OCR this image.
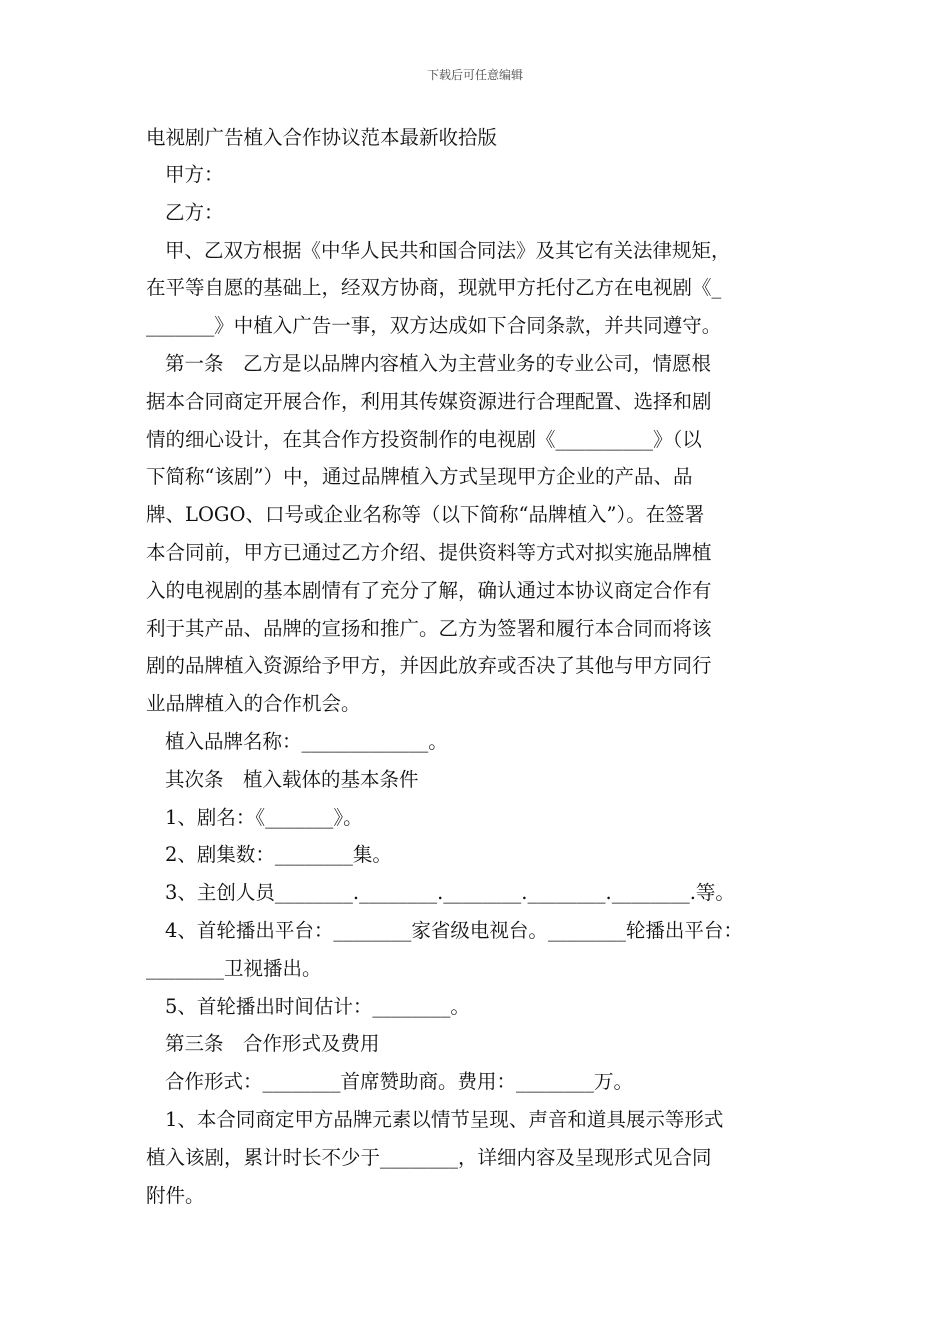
下载后可任意编辑

电视剧广告植入合作协议范本最新收拾版

甲方：

乙方：

甲、乙双方根据《中华人民共和国合同法》及其它有关法律规矩，
在平等自愿的基础上，经双方协商，现就甲方托付乙方在电视剧《_
_______》中植入广告一事，双方达成如下合同条款，并共同遵守。

第一条　乙方是以品牌内容植入为主营业务的专业公司，情愿根
据本合同商定开展合作，利用其传媒资源进行合理配置、选择和剧
情的细心设计，在其合作方投资制作的电视剧《__________》（以
下简称“该剧”）中，通过品牌植入方式呈现甲方企业的产品、品
牌、LOGO、口号或企业名称等（以下简称“品牌植入”）。在签署
本合同前，甲方已通过乙方介绍、提供资料等方式对拟实施品牌植
入的电视剧的基本剧情有了充分了解，确认通过本协议商定合作有
利于其产品、品牌的宣扬和推广。乙方为签署和履行本合同而将该
剧的品牌植入资源给予甲方，并因此放弃或否决了其他与甲方同行
业品牌植入的合作机会。

植入品牌名称：_____________。

其次条　植入载体的基本条件

1、剧名：《_______》。

2、剧集数：________集。

3、主创人员________.________.________.________.________.等。

4、首轮播出平台：________家省级电视台。________轮播出平台：
________卫视播出。

5、首轮播出时间估计：________。

第三条　合作形式及费用

合作形式：________首席赞助商。费用：________万。

1、本合同商定甲方品牌元素以情节呈现、声音和道具展示等形式
植入该剧，累计时长不少于________，详细内容及呈现形式见合同
附件。
